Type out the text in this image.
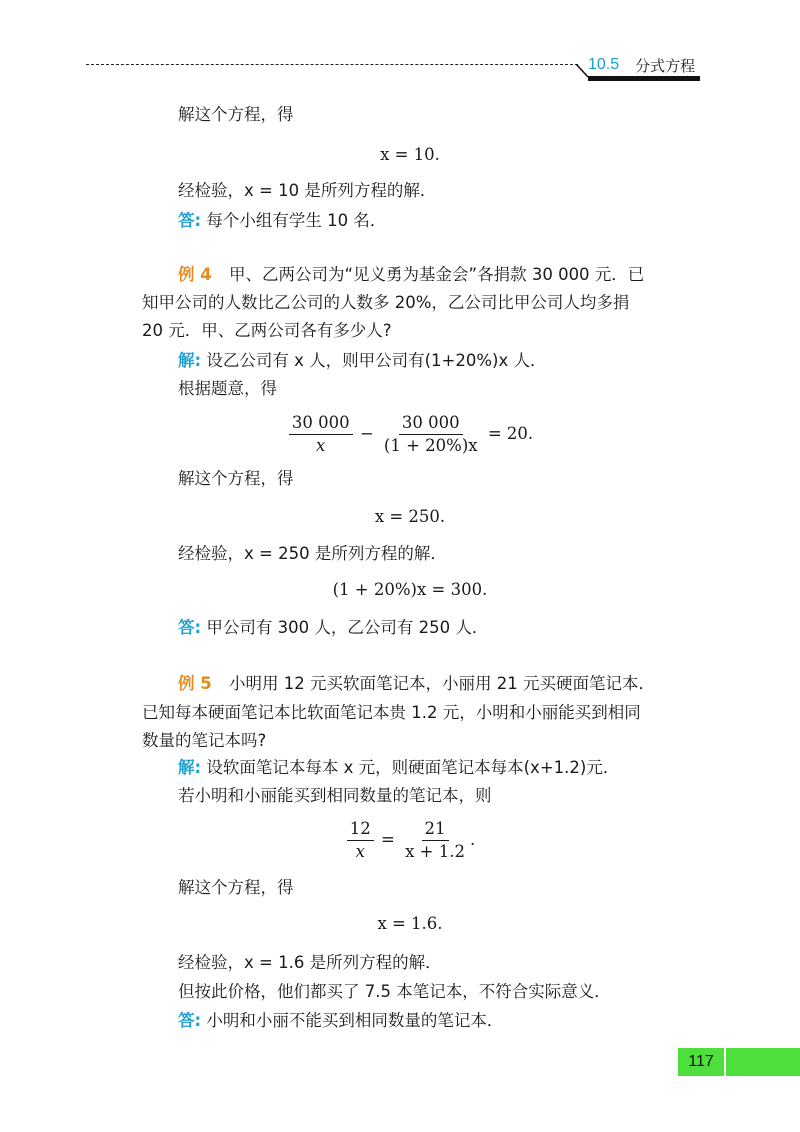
10.5 分式方程
解这个方程，得
x = 10.
经检验，x = 10 是所列方程的解．
答: 每个小组有学生 10 名．
例 4 甲、乙两公司为“见义勇为基金会”各捐款 30 000 元．已
知甲公司的人数比乙公司的人数多 20%，乙公司比甲公司人均多捐
20 元．甲、乙两公司各有多少人?
解: 设乙公司有 x 人，则甲公司有(1+20%)x 人．
根据题意，得
$\frac{30 000}{x} - \frac{30 000}{(1 + 20\%)x} = 20$.
解这个方程，得
x = 250.
经检验，x = 250 是所列方程的解．
(1 + 20%)x = 300.
答: 甲公司有 300 人，乙公司有 250 人．
例 5 小明用 12 元买软面笔记本，小丽用 21 元买硬面笔记本．
已知每本硬面笔记本比软面笔记本贵 1.2 元，小明和小丽能买到相同
数量的笔记本吗?
解: 设软面笔记本每本 x 元，则硬面笔记本每本(x+1.2)元．
若小明和小丽能买到相同数量的笔记本，则
$\frac{12}{x} = \frac{21}{x + 1.2}$ .
解这个方程，得
x = 1.6.
经检验，x = 1.6 是所列方程的解．
但按此价格，他们都买了 7.5 本笔记本，不符合实际意义．
答: 小明和小丽不能买到相同数量的笔记本．
117
